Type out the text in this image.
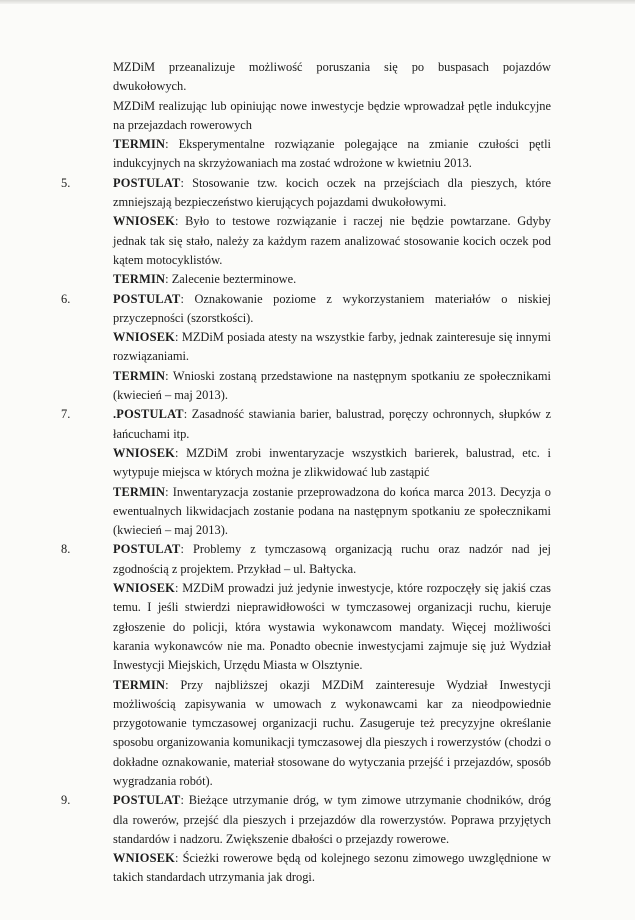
MZDiM przeanalizuje możliwość poruszania się po buspasach pojazdów dwukołowych.

MZDiM realizując lub opiniując nowe inwestycje będzie wprowadzał pętle indukcyjne na przejazdach rowerowych

TERMIN: Eksperymentalne rozwiązanie polegające na zmianie czułości pętli indukcyjnych na skrzyżowaniach ma zostać wdrożone w kwietniu 2013.

5.	POSTULAT: Stosowanie tzw. kocich oczek na przejściach dla pieszych, które zmniejszają bezpieczeństwo kierujących pojazdami dwukołowymi.

WNIOSEK: Było to testowe rozwiązanie i raczej nie będzie powtarzane. Gdyby jednak tak się stało, należy za każdym razem analizować stosowanie kocich oczek pod kątem motocyklistów.

TERMIN: Zalecenie bezterminowe.

6.	POSTULAT: Oznakowanie poziome z wykorzystaniem materiałów o niskiej przyczepności (szorstkości).

WNIOSEK: MZDiM posiada atesty na wszystkie farby, jednak zainteresuje się innymi rozwiązaniami.

TERMIN: Wnioski zostaną przedstawione na następnym spotkaniu ze społecznikami (kwiecień – maj 2013).

7.	.POSTULAT: Zasadność stawiania barier, balustrad, poręczy ochronnych, słupków z łańcuchami itp.

WNIOSEK: MZDiM zrobi inwentaryzacje wszystkich barierek, balustrad, etc. i wytypuje miejsca w których można je zlikwidować lub zastąpić

TERMIN: Inwentaryzacja zostanie przeprowadzona do końca marca 2013. Decyzja o ewentualnych likwidacjach zostanie podana na następnym spotkaniu ze społecznikami (kwiecień – maj 2013).

8.	POSTULAT: Problemy z tymczasową organizacją ruchu oraz nadzór nad jej zgodnością z projektem. Przykład – ul. Bałtycka.

WNIOSEK: MZDiM prowadzi już jedynie inwestycje, które rozpoczęły się jakiś czas temu. I jeśli stwierdzi nieprawidłowości w tymczasowej organizacji ruchu, kieruje zgłoszenie do policji, która wystawia wykonawcom mandaty. Więcej możliwości karania wykonawców nie ma. Ponadto obecnie inwestycjami zajmuje się już Wydział Inwestycji Miejskich, Urzędu Miasta w Olsztynie.

TERMIN: Przy najbliższej okazji MZDiM zainteresuje Wydział Inwestycji możliwością zapisywania w umowach z wykonawcami kar za nieodpowiednie przygotowanie tymczasowej organizacji ruchu. Zasugeruje też precyzyjne określanie sposobu organizowania komunikacji tymczasowej dla pieszych i rowerzystów (chodzi o dokładne oznakowanie, materiał stosowane do wytyczania przejść i przejazdów, sposób wygradzania robót).

9.	POSTULAT: Bieżące utrzymanie dróg, w tym zimowe utrzymanie chodników, dróg dla rowerów, przejść dla pieszych i przejazdów dla rowerzystów. Poprawa przyjętych standardów i nadzoru. Zwiększenie dbałości o przejazdy rowerowe.

WNIOSEK: Ścieżki rowerowe będą od kolejnego sezonu zimowego uwzględnione w takich standardach utrzymania jak drogi.
